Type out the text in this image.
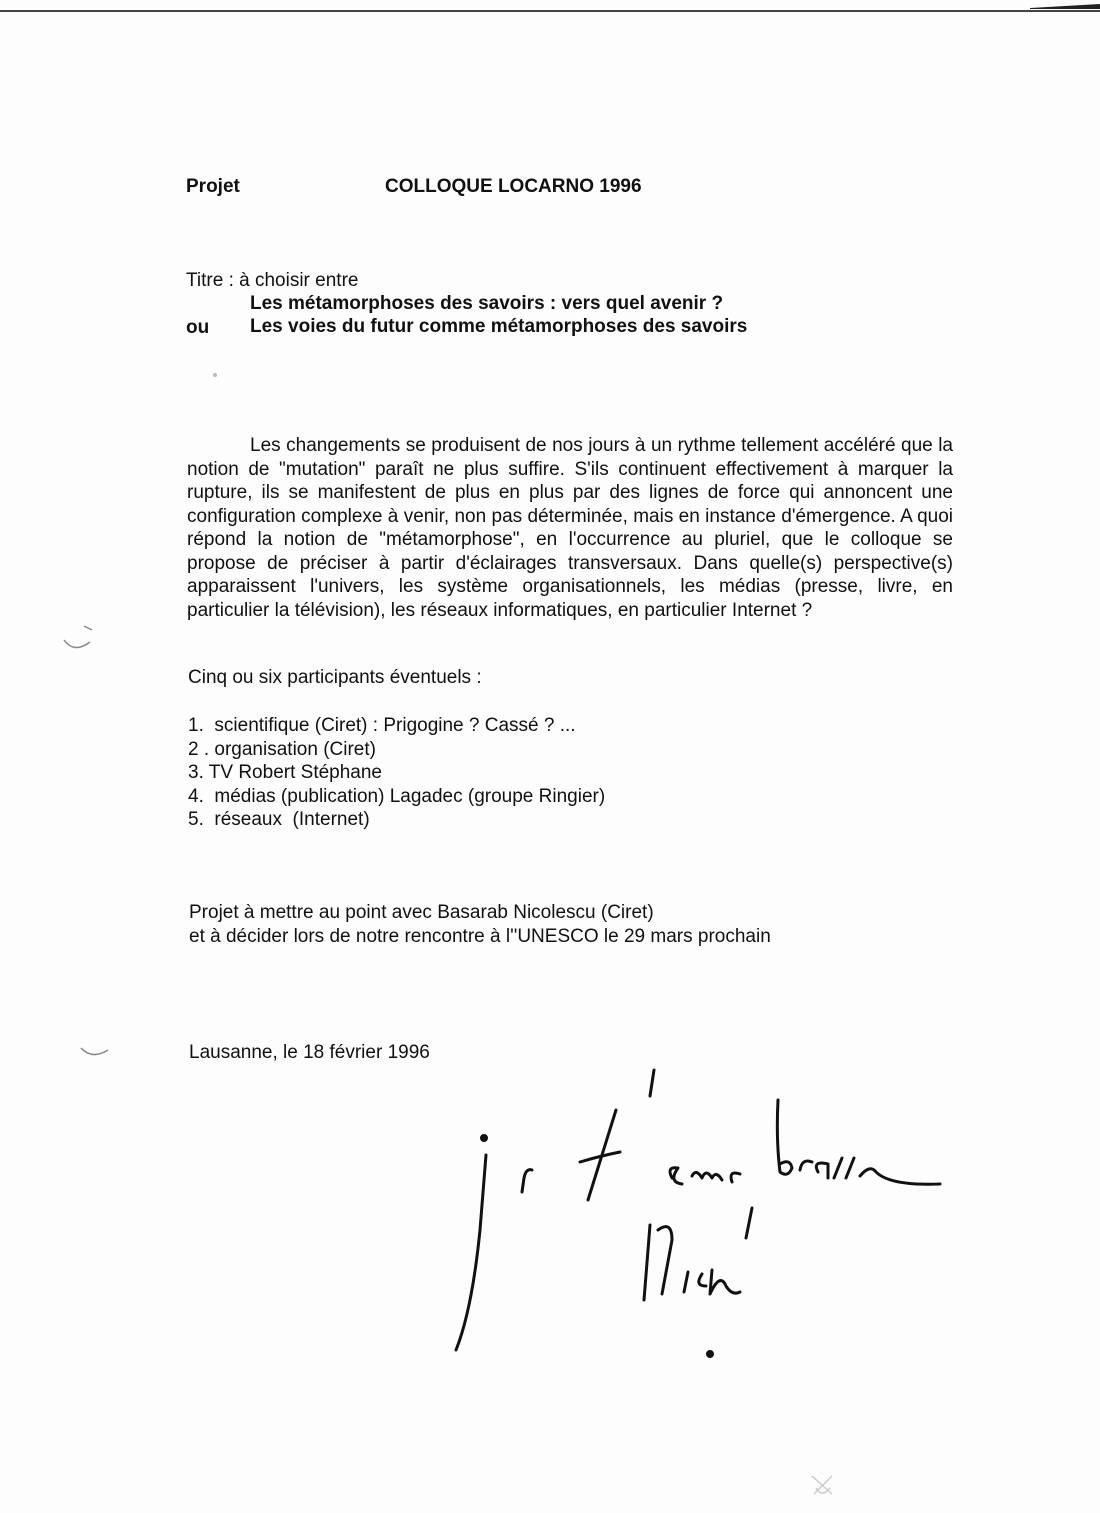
Projet	COLLOQUE LOCARNO 1996
Titre : à choisir entre
Les métamorphoses des savoirs : vers quel avenir ?
ou Les voies du futur comme métamorphoses des savoirs
Les changements se produisent de nos jours à un rythme tellement accéléré que la notion de "mutation" paraît ne plus suffire. S'ils continuent effectivement à marquer la rupture, ils se manifestent de plus en plus par des lignes de force qui annoncent une configuration complexe à venir, non pas déterminée, mais en instance d'émergence. A quoi répond la notion de "métamorphose", en l'occurrence au pluriel, que le colloque se propose de préciser à partir d'éclairages transversaux. Dans quelle(s) perspective(s) apparaissent l'univers, les système organisationnels, les médias (presse, livre, en particulier la télévision), les réseaux informatiques, en particulier Internet ?
Cinq ou six participants éventuels :
1.  scientifique (Ciret) : Prigogine ? Cassé ? ...
2 . organisation (Ciret)
3. TV Robert Stéphane
4.  médias (publication) Lagadec (groupe Ringier)
5.  réseaux  (Internet)
Projet à mettre au point avec Basarab Nicolescu (Ciret)
et à décider lors de notre rencontre à l''UNESCO le 29 mars prochain
Lausanne, le 18 février 1996
